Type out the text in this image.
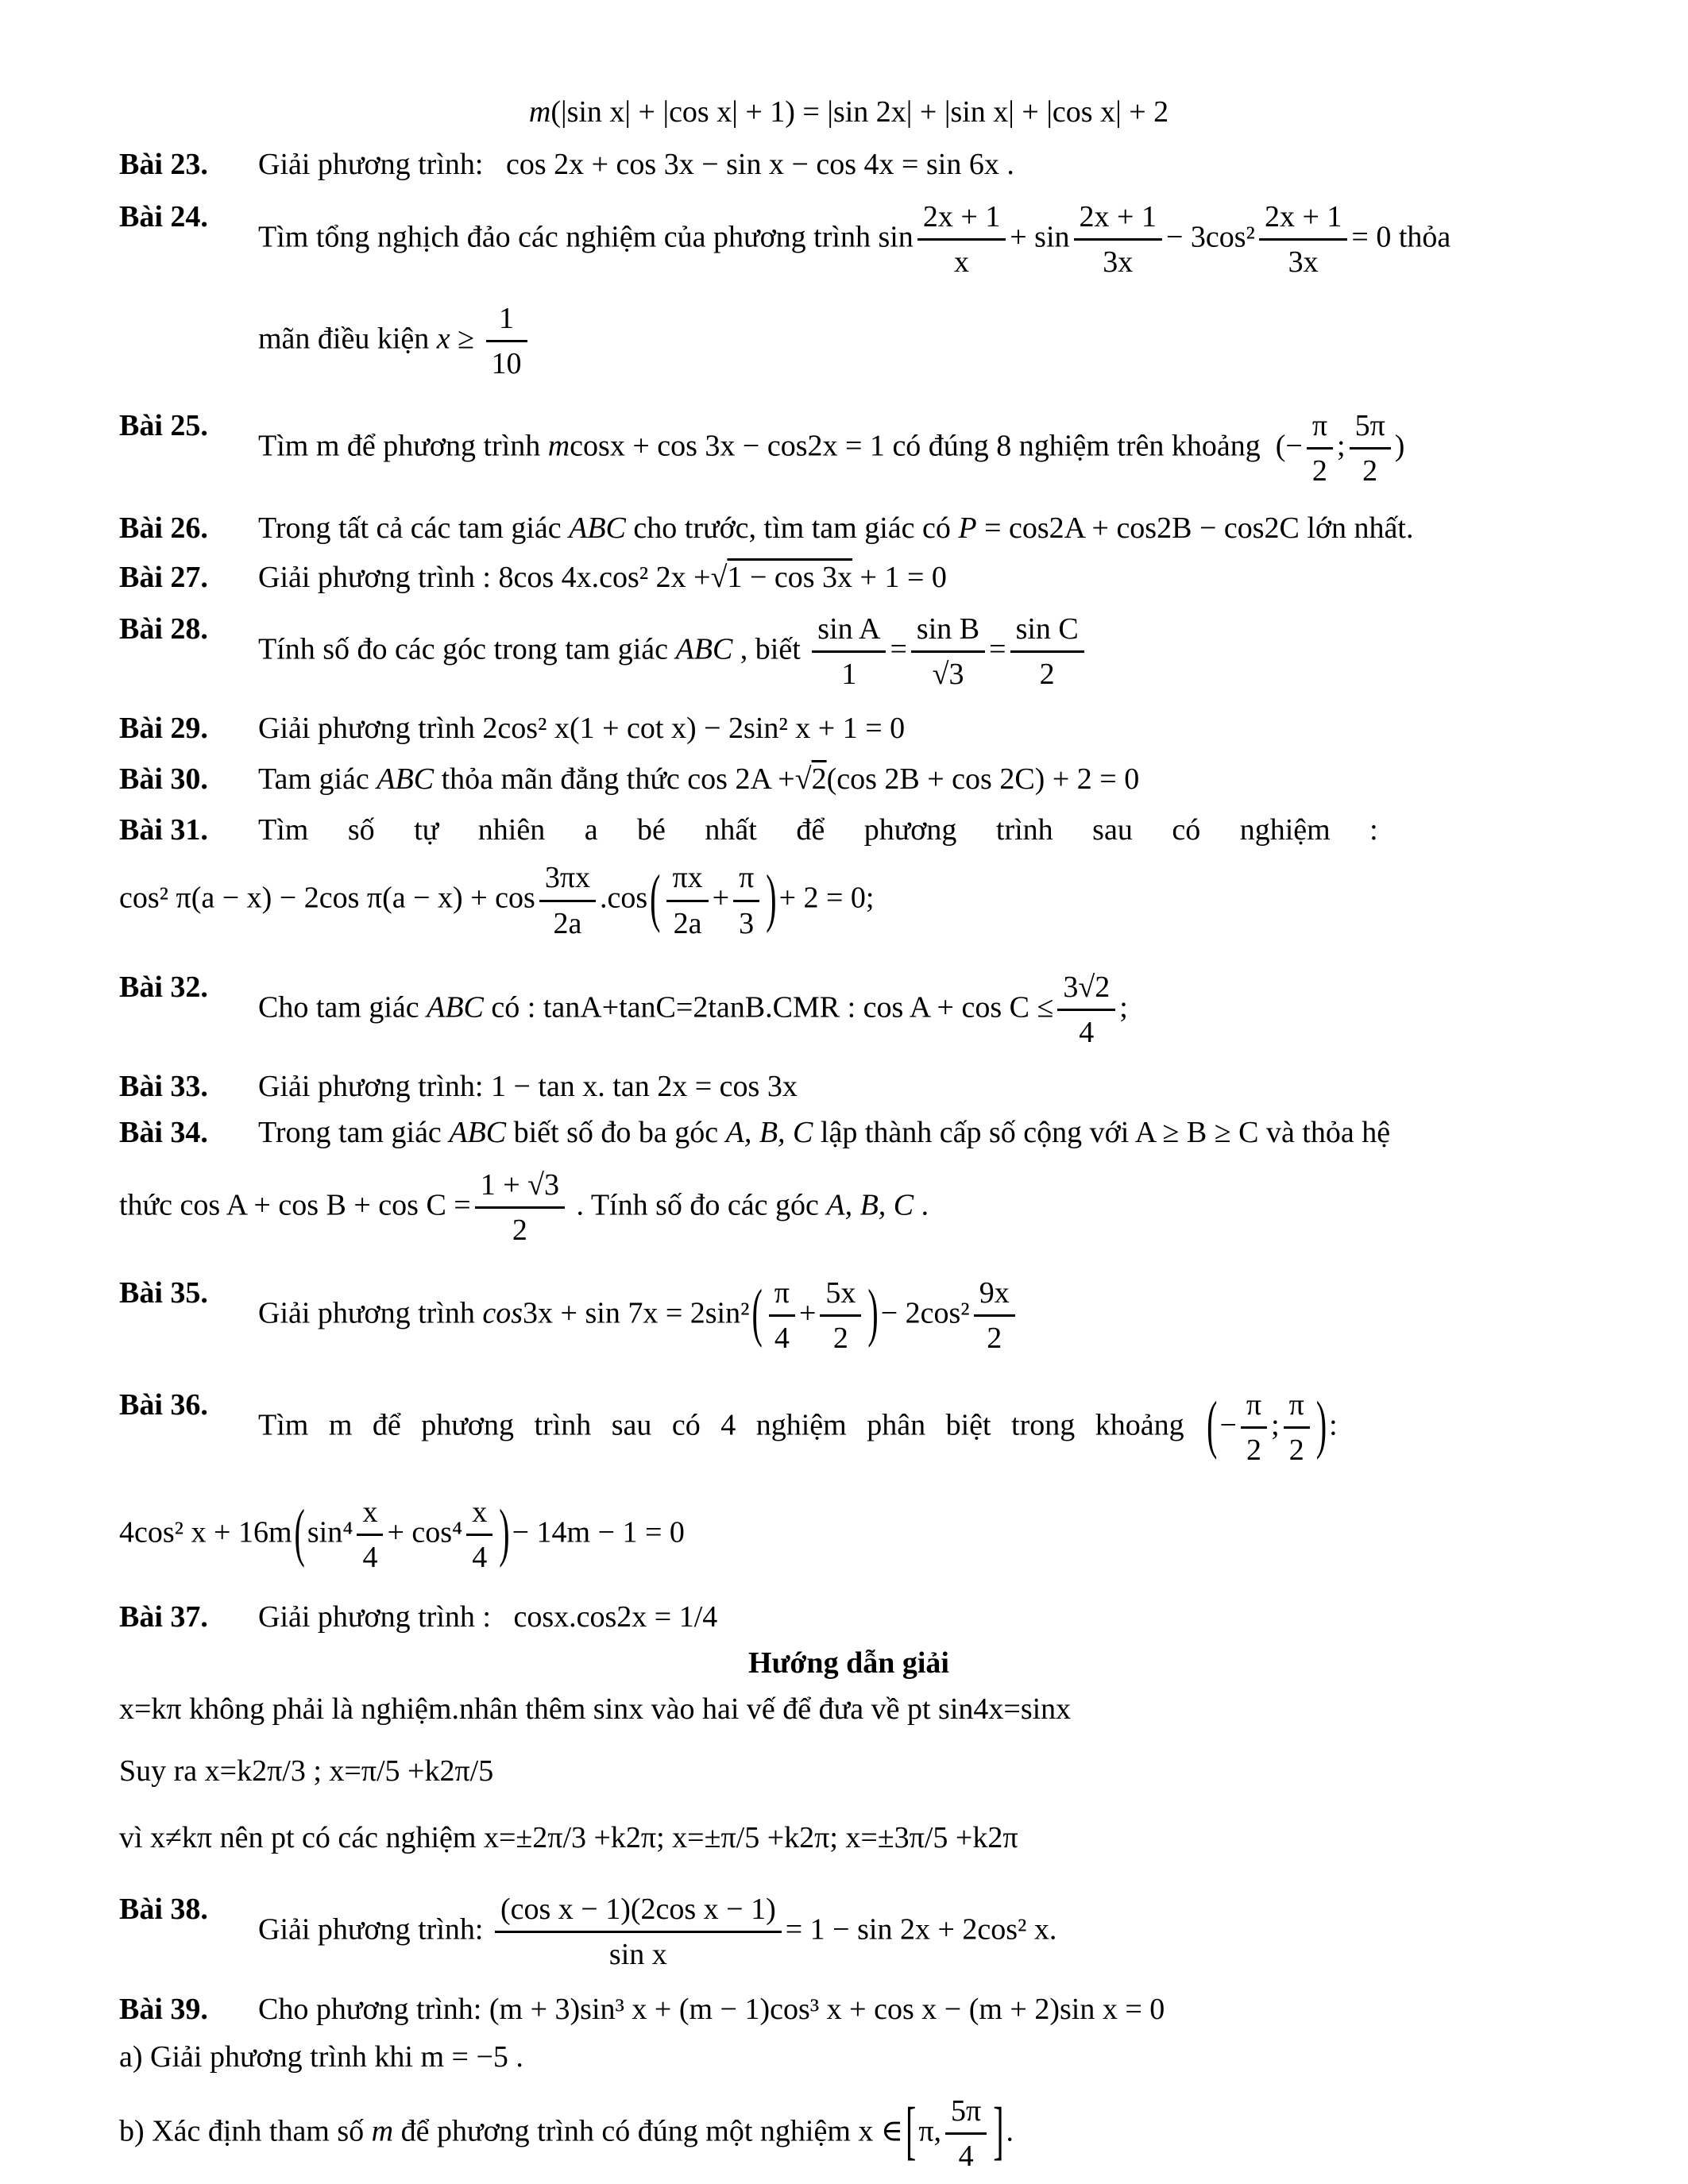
m(|sin x| + |cos x| + 1) = |sin 2x| + |sin x| + |cos x| + 2
Bài 23.	Giải phương trình:   cos 2x + cos 3x − sin x − cos 4x = sin 6x .
Bài 24.
Tìm tổng nghịch đảo các nghiệm của phương trình $\sin \frac{2x + 1}{x} + \sin \frac{2x + 1}{3x} - 3\cos^2 \frac{2x + 1}{3x} = 0$ thỏa
mãn điều kiện $x \ge \frac{1}{10}$
Bài 25.
Tìm m để phương trình mcosx + cos 3x − cos2x = 1 có đúng 8 nghiệm trên khoảng  (− $\frac{\pi}{2}$ ; $\frac{5\pi}{2}$ )
Bài 26.	Trong tất cả các tam giác ABC cho trước, tìm tam giác có P = cos2A + cos2B − cos2C lớn nhất.
Bài 27.	Giải phương trình : 8cos 4x.cos² 2x +√1 − cos 3x + 1 = 0
Bài 28.
Tính số đo các góc trong tam giác ABC , biết $\frac{\text{sin A}}{1} = \frac{\text{sin B}}{√3} = \frac{\text{sin C}}{2}$
Bài 29.	Giải phương trình 2cos² x(1 + cot x) − 2sin² x + 1 = 0
Bài 30.	Tam giác ABC thỏa mãn đẳng thức cos 2A +√2(cos 2B + cos 2C) + 2 = 0
Bài 31.	Tìm số tự nhiên a bé nhất để phương trình sau có nghiệm :
cos² π(a − x) − 2cos $\pi(a - x) + \cos \frac{3\pi x}{2a} .\cos( \frac{\pi x}{2a} + \frac{\pi}{3}$ )+ 2 = 0;
Bài 32.
Cho tam giác ABC có : tanA+tanC=2tanB.CMR : $\cos A + \cos C \le \frac{3√2}{4}$ ;
Bài 33.	Giải phương trình: 1 − tan x. tan 2x = cos 3x
Bài 34.	Trong tam giác ABC biết số đo ba góc A, B, C lập thành cấp số cộng với A ≥ B ≥ C và thỏa hệ
thức $\cos A + \cos B + \cos C = \frac{1 + √3}{2}$ . Tính số đo các góc A, B, C .
Bài 35.
Giải phương trình $\cos 3x + \sin 7x = 2\sin^2( \frac{\pi}{4} + \frac{5x}{2}$ )− $2\cos^2 \frac{9x}{2}$
Bài 36.
Tìm m để phương trình sau có 4 nghiệm phân biệt trong khoảng (− $\frac{\pi}{2}$ ; $\frac{\pi}{2}$ ):
4cos² $x + 16m(\sin^4 \frac{x}{4} + \cos^4 \frac{x}{4}$ )− 14m − 1 = 0
Bài 37.	Giải phương trình :   cosx.cos2x = 1/4
Hướng dẫn giải
x=kπ không phải là nghiệm.nhân thêm sinx vào hai vế để đưa về pt sin4x=sinx
Suy ra x=k2π/3 ; x=π/5 +k2π/5
vì x≠kπ nên pt có các nghiệm x=±2π/3 +k2π; x=±π/5 +k2π; x=±3π/5 +k2π
Bài 38.
Giải phương trình: $\frac{\text{(cos x − 1)(2cos x − 1)}}{\text{sin x}} = 1 - \sin 2x + 2\cos^2$ x.
Bài 39.	Cho phương trình: (m + 3)sin³ x + (m − 1)cos³ x + cos x − (m + 2)sin x = 0
a) Giải phương trình khi m = −5 .
b) Xác định tham số m để phương trình có đúng một nghiệm x ∈[π, $\frac{5\pi}{4}$ ].
